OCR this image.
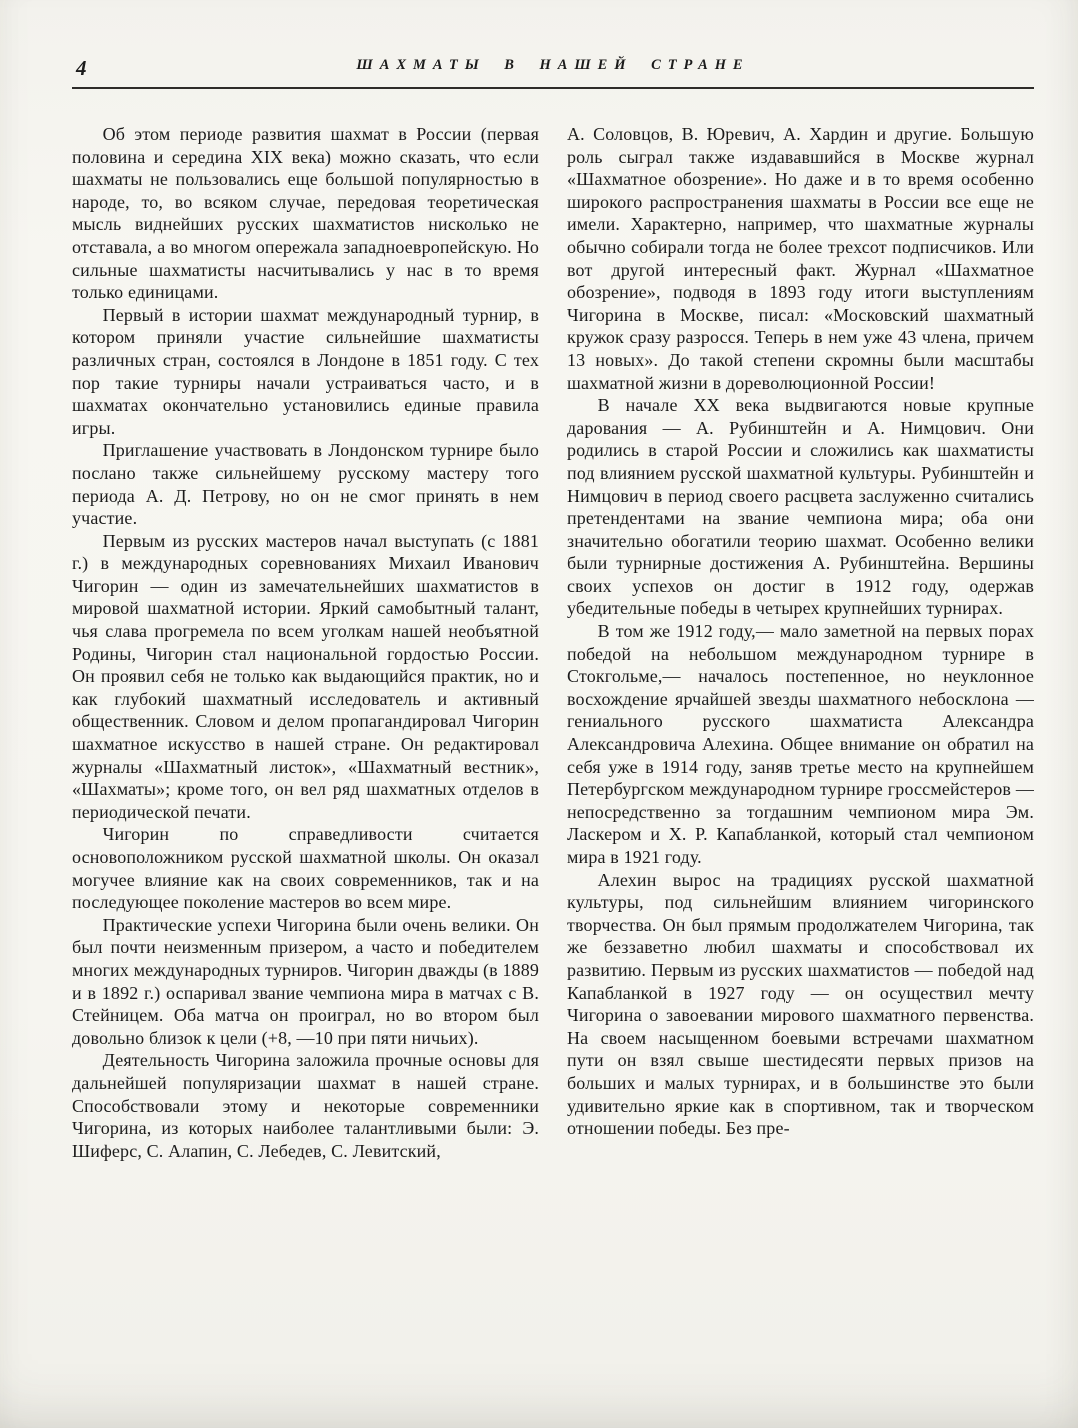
4	ШАХМАТЫ В НАШЕЙ СТРАНЕ

Об этом периоде развития шахмат в России (первая половина и середина XIX века) можно сказать, что если шахматы не пользовались еще большой популярностью в народе, то, во всяком случае, передовая теоретическая мысль виднейших русских шахматистов нисколько не отставала, а во многом опережала западноевропейскую. Но сильные шахматисты насчитывались у нас в то время только единицами.

Первый в истории шахмат международный турнир, в котором приняли участие сильнейшие шахматисты различных стран, состоялся в Лондоне в 1851 году. С тех пор такие турниры начали устраиваться часто, и в шахматах окончательно установились единые правила игры.

Приглашение участвовать в Лондонском турнире было послано также сильнейшему русскому мастеру того периода А. Д. Петрову, но он не смог принять в нем участие.

Первым из русских мастеров начал выступать (с 1881 г.) в международных соревнованиях Михаил Иванович Чигорин — один из замечательнейших шахматистов в мировой шахматной истории. Яркий самобытный талант, чья слава прогремела по всем уголкам нашей необъятной Родины, Чигорин стал национальной гордостью России. Он проявил себя не только как выдающийся практик, но и как глубокий шахматный исследователь и активный общественник. Словом и делом пропагандировал Чигорин шахматное искусство в нашей стране. Он редактировал журналы «Шахматный листок», «Шахматный вестник», «Шахматы»; кроме того, он вел ряд шахматных отделов в периодической печати.

Чигорин по справедливости считается основоположником русской шахматной школы. Он оказал могучее влияние как на своих современников, так и на последующее поколение мастеров во всем мире.

Практические успехи Чигорина были очень велики. Он был почти неизменным призером, а часто и победителем многих международных турниров. Чигорин дважды (в 1889 и в 1892 г.) оспаривал звание чемпиона мира в матчах с В. Стейницем. Оба матча он проиграл, но во втором был довольно близок к цели (+8, —10 при пяти ничьих).

Деятельность Чигорина заложила прочные основы для дальнейшей популяризации шахмат в нашей стране. Способствовали этому и некоторые современники Чигорина, из которых наиболее талантливыми были: Э. Шиферс, С. Алапин, С. Лебедев, С. Левитский,

А. Соловцов, В. Юревич, А. Хардин и другие. Большую роль сыграл также издававшийся в Москве журнал «Шахматное обозрение». Но даже и в то время особенно широкого распространения шахматы в России все еще не имели. Характерно, например, что шахматные журналы обычно собирали тогда не более трехсот подписчиков. Или вот другой интересный факт. Журнал «Шахматное обозрение», подводя в 1893 году итоги выступлениям Чигорина в Москве, писал: «Московский шахматный кружок сразу разросся. Теперь в нем уже 43 члена, причем 13 новых». До такой степени скромны были масштабы шахматной жизни в дореволюционной России!

В начале XX века выдвигаются новые крупные дарования — А. Рубинштейн и А. Нимцович. Они родились в старой России и сложились как шахматисты под влиянием русской шахматной культуры. Рубинштейн и Нимцович в период своего расцвета заслуженно считались претендентами на звание чемпиона мира; оба они значительно обогатили теорию шахмат. Особенно велики были турнирные достижения А. Рубинштейна. Вершины своих успехов он достиг в 1912 году, одержав убедительные победы в четырех крупнейших турнирах.

В том же 1912 году,— мало заметной на первых порах победой на небольшом международном турнире в Стокгольме,— началось постепенное, но неуклонное восхождение ярчайшей звезды шахматного небосклона — гениального русского шахматиста Александра Александровича Алехина. Общее внимание он обратил на себя уже в 1914 году, заняв третье место на крупнейшем Петербургском международном турнире гроссмейстеров — непосредственно за тогдашним чемпионом мира Эм. Ласкером и Х. Р. Капабланкой, который стал чемпионом мира в 1921 году.

Алехин вырос на традициях русской шахматной культуры, под сильнейшим влиянием чигоринского творчества. Он был прямым продолжателем Чигорина, так же беззаветно любил шахматы и способствовал их развитию. Первым из русских шахматистов — победой над Капабланкой в 1927 году — он осуществил мечту Чигорина о завоевании мирового шахматного первенства. На своем насыщенном боевыми встречами шахматном пути он взял свыше шестидесяти первых призов на больших и малых турнирах, и в большинстве это были удивительно яркие как в спортивном, так и творческом отношении победы. Без пре-
